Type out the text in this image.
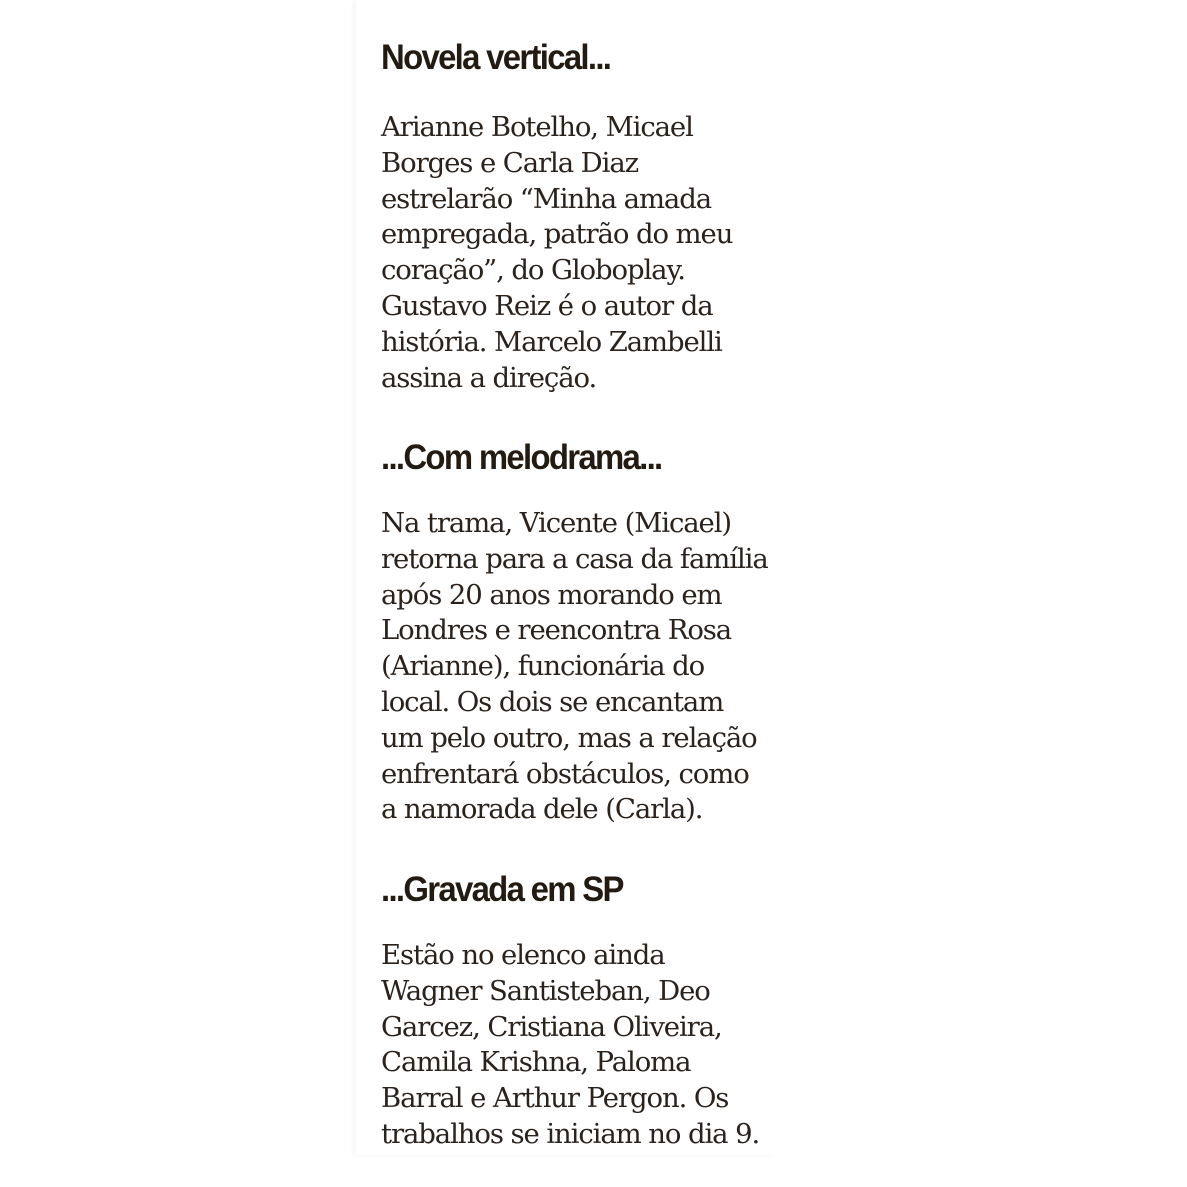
Novela vertical...
Arianne Botelho, Micael
Borges e Carla Diaz
estrelarão “Minha amada
empregada, patrão do meu
coração”, do Globoplay.
Gustavo Reiz é o autor da
história. Marcelo Zambelli
assina a direção.
...Com melodrama...
Na trama, Vicente (Micael)
retorna para a casa da família
após 20 anos morando em
Londres e reencontra Rosa
(Arianne), funcionária do
local. Os dois se encantam
um pelo outro, mas a relação
enfrentará obstáculos, como
a namorada dele (Carla).
...Gravada em SP
Estão no elenco ainda
Wagner Santisteban, Deo
Garcez, Cristiana Oliveira,
Camila Krishna, Paloma
Barral e Arthur Pergon. Os
trabalhos se iniciam no dia 9.
